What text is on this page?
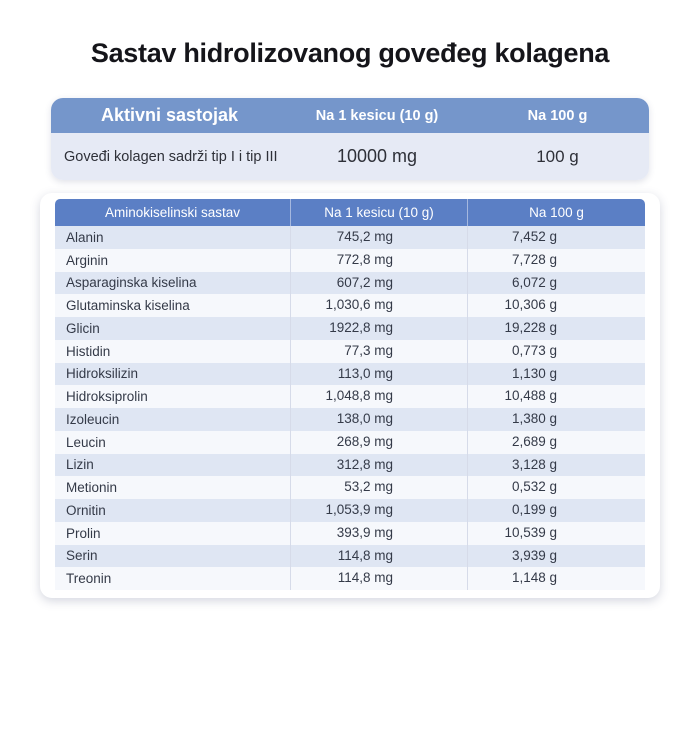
Sastav hidrolizovanog goveđeg kolagena
Aktivni sastojak	Na 1 kesicu (10 g)	Na 100 g
Goveđi kolagen sadrži tip I i tip III	10000 mg	100 g
Aminokiselinski sastav	Na 1 kesicu (10 g)	Na 100 g
Alanin	745,2 mg	7,452 g
Arginin	772,8 mg	7,728 g
Asparaginska kiselina	607,2 mg	6,072 g
Glutaminska kiselina	1,030,6 mg	10,306 g
Glicin	1922,8 mg	19,228 g
Histidin	77,3 mg	0,773 g
Hidroksilizin	113,0 mg	1,130 g
Hidroksiprolin	1,048,8 mg	10,488 g
Izoleucin	138,0 mg	1,380 g
Leucin	268,9 mg	2,689 g
Lizin	312,8 mg	3,128 g
Metionin	53,2 mg	0,532 g
Ornitin	1,053,9 mg	0,199 g
Prolin	393,9 mg	10,539 g
Serin	114,8 mg	3,939 g
Treonin	114,8 mg	1,148 g
